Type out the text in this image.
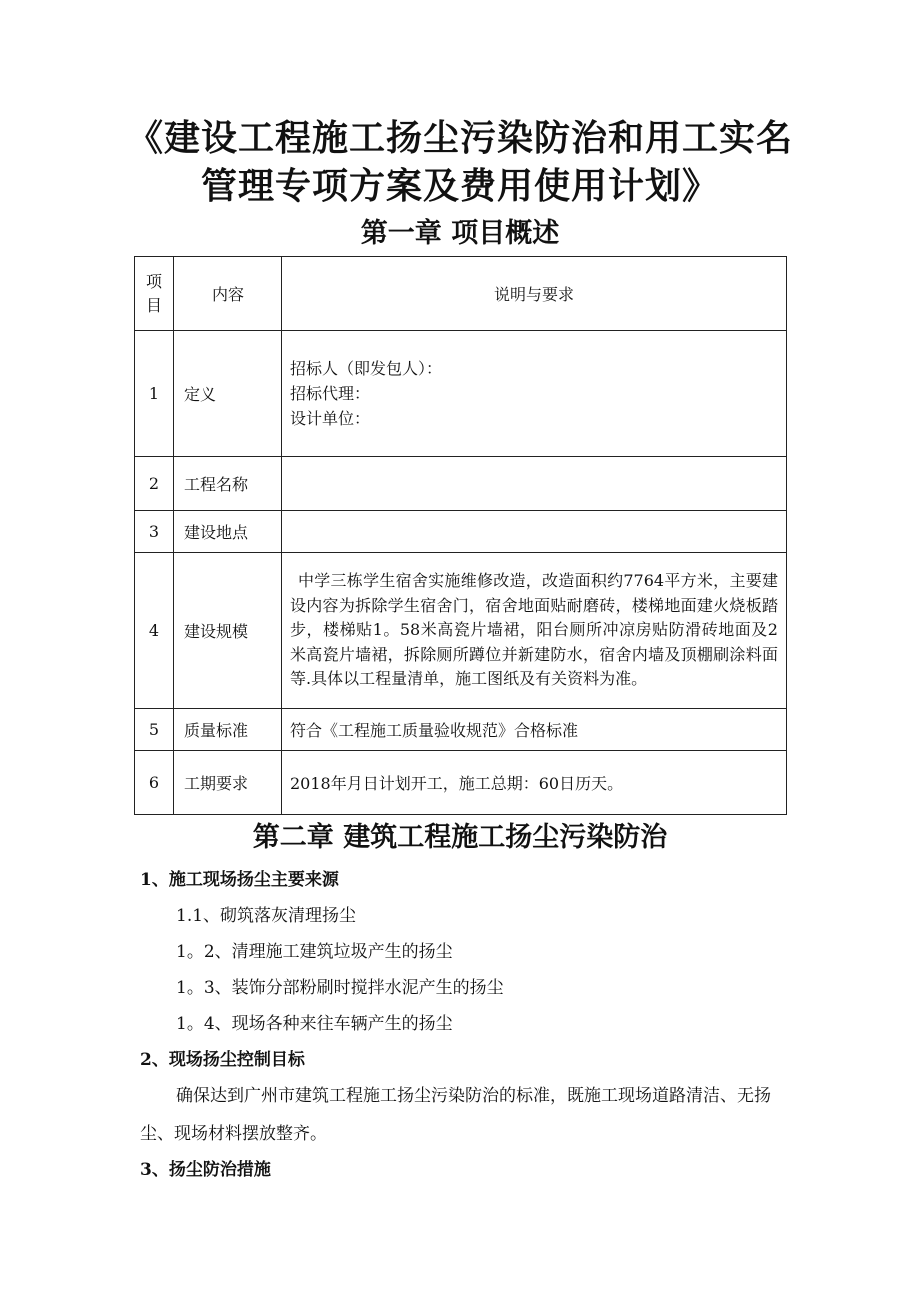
《建设工程施工扬尘污染防治和用工实名
管理专项方案及费用使用计划》
第一章 项目概述
项目	内容	说明与要求
1	定义	招标人（即发包人）：
招标代理：
设计单位：

2	工程名称	
3	建设地点	
4	建设规模	中学三栋学生宿舍实施维修改造，改造面积约7764平方米，主要建设内容为拆除学生宿舍门，宿舍地面贴耐磨砖，楼梯地面建火烧板踏步，楼梯贴1。58米高瓷片墙裙，阳台厕所冲凉房贴防滑砖地面及2米高瓷片墙裙，拆除厕所蹲位并新建防水，宿舍内墙及顶棚刷涂料面等.具体以工程量清单，施工图纸及有关资料为准。
5	质量标准	符合《工程施工质量验收规范》合格标准
6	工期要求	2018年月日计划开工，施工总期：60日历天。
第二章 建筑工程施工扬尘污染防治
1、施工现场扬尘主要来源
1.1、砌筑落灰清理扬尘
1。2、清理施工建筑垃圾产生的扬尘
1。3、装饰分部粉刷时搅拌水泥产生的扬尘
1。4、现场各种来往车辆产生的扬尘
2、现场扬尘控制目标
确保达到广州市建筑工程施工扬尘污染防治的标准，既施工现场道路清洁、无扬尘、现场材料摆放整齐。
3、扬尘防治措施
